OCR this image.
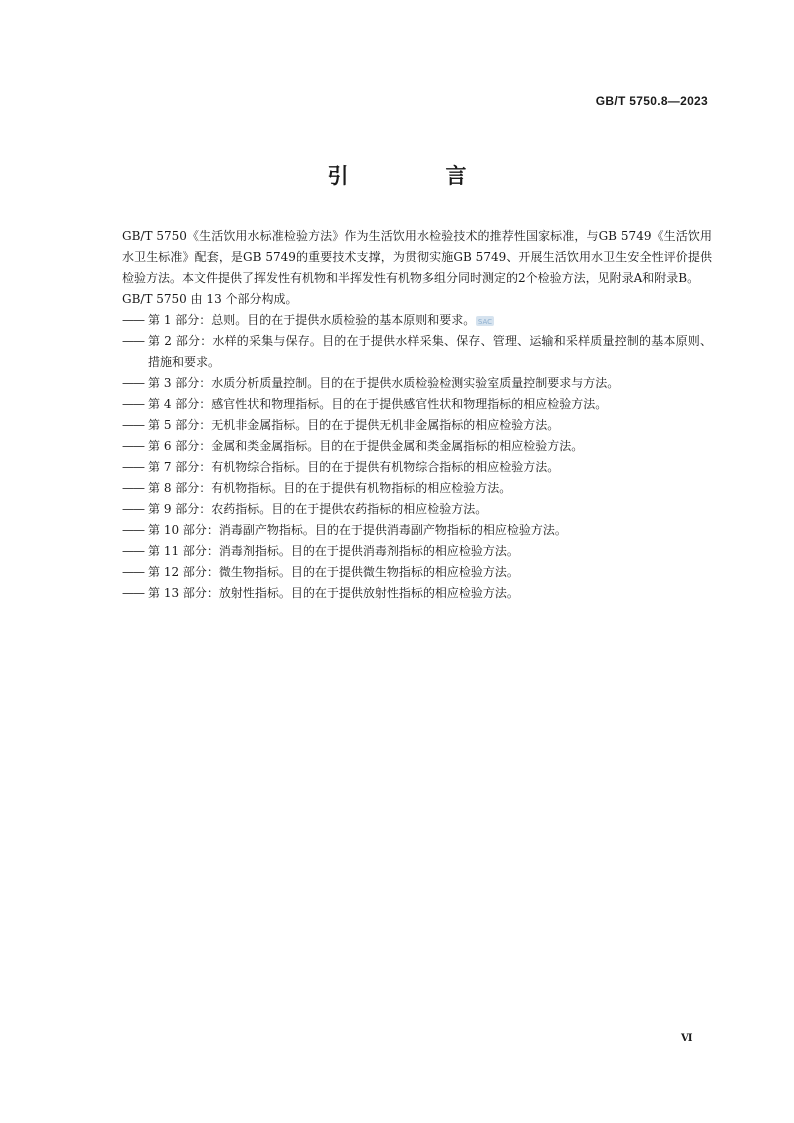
GB/T 5750.8—2023
引　言

GB/T 5750《生活饮用水标准检验方法》作为生活饮用水检验技术的推荐性国家标准，与GB 5749《生活饮用水卫生标准》配套，是GB 5749的重要技术支撑，为贯彻实施GB 5749、开展生活饮用水卫生安全性评价提供检验方法。本文件提供了挥发性有机物和半挥发性有机物多组分同时测定的2个检验方法，见附录A和附录B。

GB/T 5750 由 13 个部分构成。

—— 第 1 部分：总则。目的在于提供水质检验的基本原则和要求。 SAC
—— 第 2 部分：水样的采集与保存。目的在于提供水样采集、保存、管理、运输和采样质量控制的基本原则、措施和要求。
—— 第 3 部分：水质分析质量控制。目的在于提供水质检验检测实验室质量控制要求与方法。
—— 第 4 部分：感官性状和物理指标。目的在于提供感官性状和物理指标的相应检验方法。
—— 第 5 部分：无机非金属指标。目的在于提供无机非金属指标的相应检验方法。
—— 第 6 部分：金属和类金属指标。目的在于提供金属和类金属指标的相应检验方法。
—— 第 7 部分：有机物综合指标。目的在于提供有机物综合指标的相应检验方法。
—— 第 8 部分：有机物指标。目的在于提供有机物指标的相应检验方法。
—— 第 9 部分：农药指标。目的在于提供农药指标的相应检验方法。
—— 第 10 部分：消毒副产物指标。目的在于提供消毒副产物指标的相应检验方法。
—— 第 11 部分：消毒剂指标。目的在于提供消毒剂指标的相应检验方法。
—— 第 12 部分：微生物指标。目的在于提供微生物指标的相应检验方法。
—— 第 13 部分：放射性指标。目的在于提供放射性指标的相应检验方法。
Ⅵ
